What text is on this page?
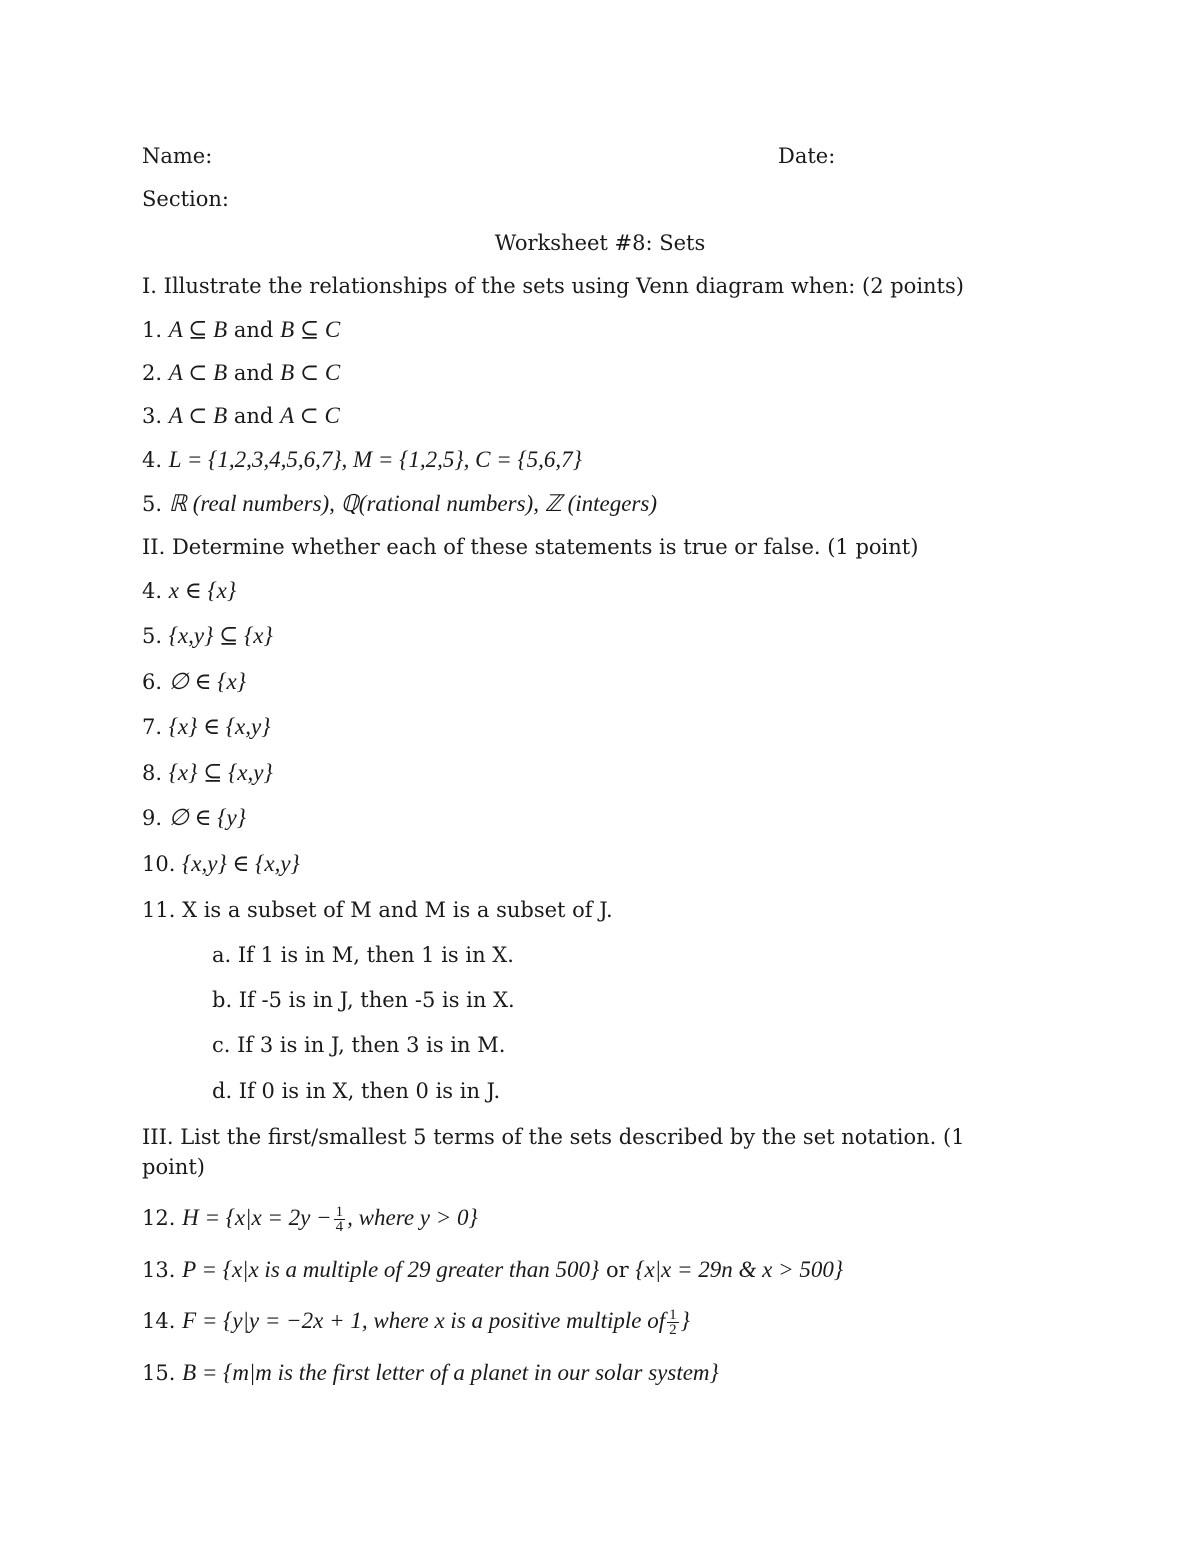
Name:	Date:
Section:
Worksheet #8: Sets
I. Illustrate the relationships of the sets using Venn diagram when: (2 points)
1. A ⊆ B and B ⊆ C
2. A ⊂ B and B ⊂ C
3. A ⊂ B and A ⊂ C
4. L = {1,2,3,4,5,6,7}, M = {1,2,5}, C = {5,6,7}
5. ℝ (real numbers), ℚ(rational numbers), ℤ (integers)
II. Determine whether each of these statements is true or false. (1 point)
4. x ∈ {x}
5. {x,y} ⊆ {x}
6. ∅ ∈ {x}
7. {x} ∈ {x,y}
8. {x} ⊆ {x,y}
9. ∅ ∈ {y}
10. {x,y} ∈ {x,y}
11. X is a subset of M and M is a subset of J.
a. If 1 is in M, then 1 is in X.
b. If -5 is in J, then -5 is in X.
c. If 3 is in J, then 3 is in M.
d. If 0 is in X, then 0 is in J.
III. List the first/smallest 5 terms of the sets described by the set notation. (1
point)
12. $H = \{x|x = 2y - \frac{1}{4}$ , where y > 0}
13. P = {x|x is a multiple of 29 greater than 500} or {x|x = 29n & x > 500}
14. F = {y|y = −2x + 1, where x is a positive multiple of $\frac{1}{2}$ }
15. B = {m|m is the first letter of a planet in our solar system}
